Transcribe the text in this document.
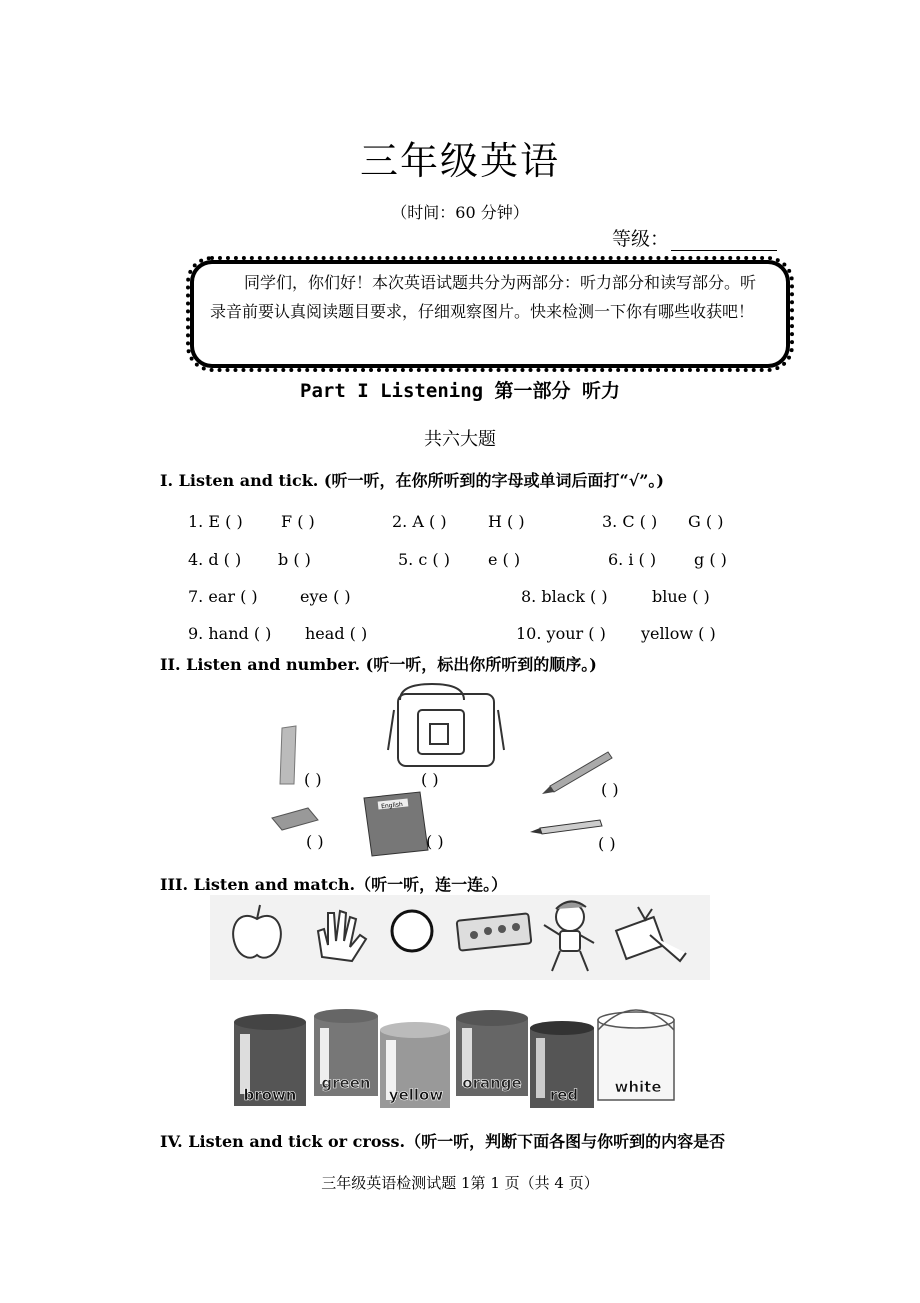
三年级英语
（时间：60 分钟）
等级：
同学们，你们好！本次英语试题共分为两部分：听力部分和读写部分。听录音前要认真阅读题目要求，仔细观察图片。快来检测一下你有哪些收获吧！
Part I Listening 第一部分 听力
共六大题
I. Listen and tick. (听一听，在你所听到的字母或单词后面打“√”。)
1. E ( ) F ( )	2. A ( )	H ( )	3. C ( ) G ( )
4. d ( ) b ( )	5. c ( ) e ( )	6. i ( ) g ( )
7. ear ( )	eye ( )	8. black ( )	blue ( )
9. hand ( ) head ( )	10. your ( ) yellow ( )
II. Listen and number. (听一听，标出你所听到的顺序。)
English
( )	( )
( )
( )	( )	( )
III. Listen and match.（听一听，连一连。）
brown
green
yellow
orange
red white
IV. Listen and tick or cross.（听一听，判断下面各图与你听到的内容是否
三年级英语检测试题 1第 1 页（共 4 页）
